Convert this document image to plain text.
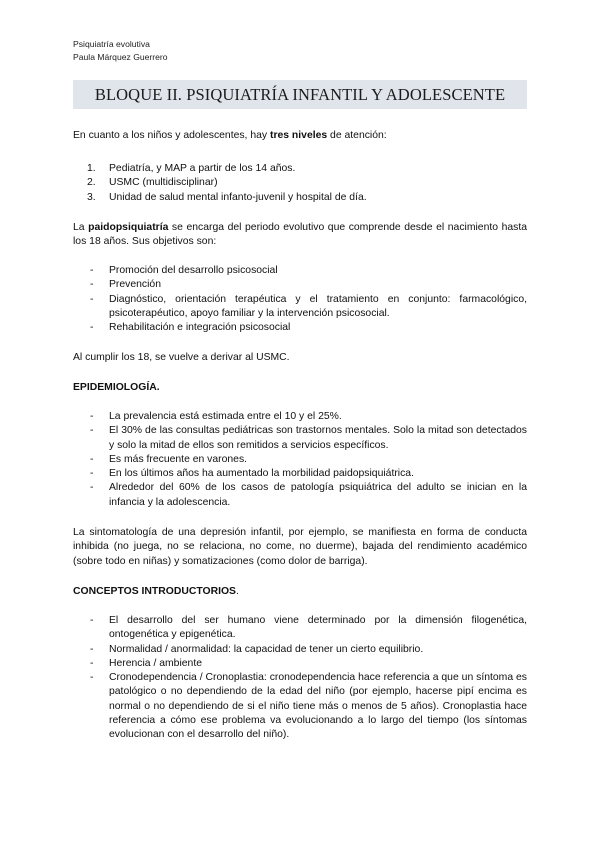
Psiquiatría evolutiva
Paula Márquez Guerrero
BLOQUE II. PSIQUIATRÍA INFANTIL Y ADOLESCENTE

En cuanto a los niños y adolescentes, hay tres niveles de atención:

1. Pediatría, y MAP a partir de los 14 años.
2. USMC (multidisciplinar)
3. Unidad de salud mental infanto-juvenil y hospital de día.

La paidopsiquiatría se encarga del periodo evolutivo que comprende desde el nacimiento hasta los 18 años. Sus objetivos son:

- Promoción del desarrollo psicosocial
- Prevención
- Diagnóstico, orientación terapéutica y el tratamiento en conjunto: farmacológico, psicoterapéutico, apoyo familiar y la intervención psicosocial.
- Rehabilitación e integración psicosocial

Al cumplir los 18, se vuelve a derivar al USMC.

EPIDEMIOLOGÍA.
- La prevalencia está estimada entre el 10 y el 25%.
- El 30% de las consultas pediátricas son trastornos mentales. Solo la mitad son detectados y solo la mitad de ellos son remitidos a servicios específicos.
- Es más frecuente en varones.
- En los últimos años ha aumentado la morbilidad paidopsiquiátrica.
- Alrededor del 60% de los casos de patología psiquiátrica del adulto se inician en la infancia y la adolescencia.

La sintomatología de una depresión infantil, por ejemplo, se manifiesta en forma de conducta inhibida (no juega, no se relaciona, no come, no duerme), bajada del rendimiento académico (sobre todo en niñas) y somatizaciones (como dolor de barriga).

CONCEPTOS INTRODUCTORIOS.
- El desarrollo del ser humano viene determinado por la dimensión filogenética, ontogenética y epigenética.
- Normalidad / anormalidad: la capacidad de tener un cierto equilibrio.
- Herencia / ambiente
- Cronodependencia / Cronoplastia: cronodependencia hace referencia a que un síntoma es patológico o no dependiendo de la edad del niño (por ejemplo, hacerse pipí encima es normal o no dependiendo de si el niño tiene más o menos de 5 años). Cronoplastia hace referencia a cómo ese problema va evolucionando a lo largo del tiempo (los síntomas evolucionan con el desarrollo del niño).
